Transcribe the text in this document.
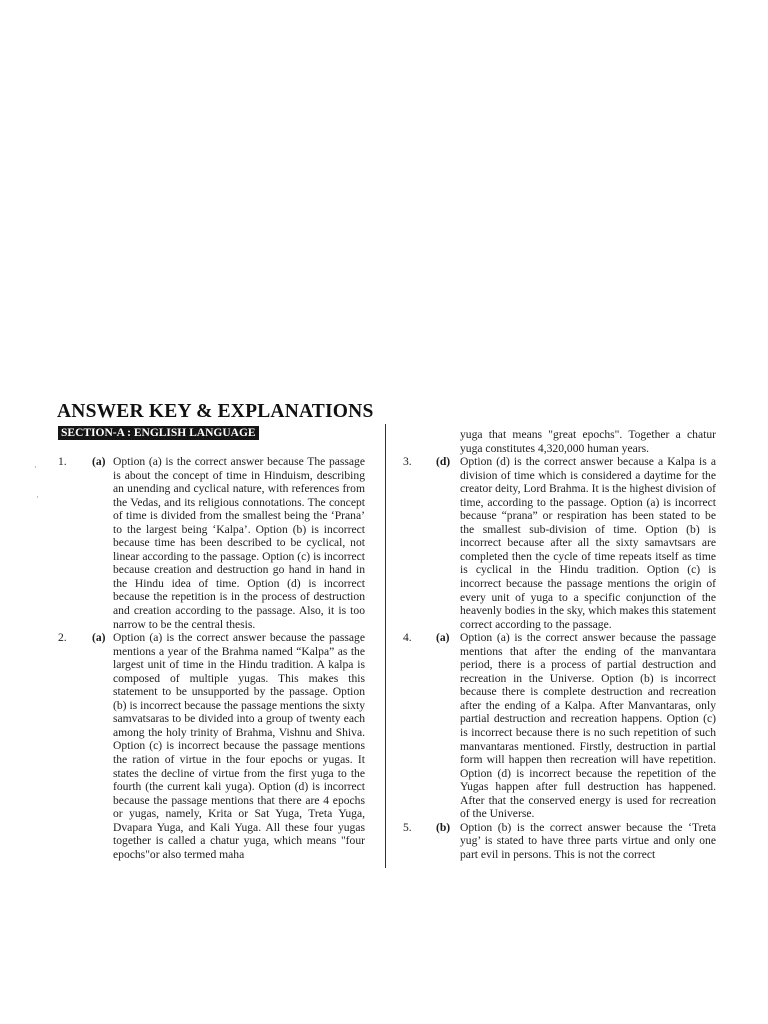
ANSWER KEY & EXPLANATIONS
SECTION-A : ENGLISH LANGUAGE
1.	(a) Option (a) is the correct answer because The passage is about the concept of time in Hinduism, describing an unending and cyclical nature, with references from the Vedas, and its religious connotations. The concept of time is divided from the smallest being the ‘Prana’ to the largest being ‘Kalpa’. Option (b) is incorrect because time has been described to be cyclical, not linear according to the passage. Option (c) is incorrect because creation and destruction go hand in hand in the Hindu idea of time. Option (d) is incorrect because the repetition is in the process of destruction and creation according to the passage. Also, it is too narrow to be the central thesis.
2.	(a) Option (a) is the correct answer because the passage mentions a year of the Brahma named “Kalpa” as the largest unit of time in the Hindu tradition. A kalpa is composed of multiple yugas. This makes this statement to be unsupported by the passage. Option (b) is incorrect because the passage mentions the sixty samvatsaras to be divided into a group of twenty each among the holy trinity of Brahma, Vishnu and Shiva. Option (c) is incorrect because the passage mentions the ration of virtue in the four epochs or yugas. It states the decline of virtue from the first yuga to the fourth (the current kali yuga). Option (d) is incorrect because the passage mentions that there are 4 epochs or yugas, namely, Krita or Sat Yuga, Treta Yuga, Dvapara Yuga, and Kali Yuga. All these four yugas together is called a chatur yuga, which means "four epochs"or also termed maha
yuga that means "great epochs". Together a chatur yuga constitutes 4,320,000 human years.
3.	(d) Option (d) is the correct answer because a Kalpa is a division of time which is considered a daytime for the creator deity, Lord Brahma. It is the highest division of time, according to the passage. Option (a) is incorrect because “prana” or respiration has been stated to be the smallest sub-division of time. Option (b) is incorrect because after all the sixty samavtsars are completed then the cycle of time repeats itself as time is cyclical in the Hindu tradition. Option (c) is incorrect because the passage mentions the origin of every unit of yuga to a specific conjunction of the heavenly bodies in the sky, which makes this statement correct according to the passage.
4.	(a) Option (a) is the correct answer because the passage mentions that after the ending of the manvantara period, there is a process of partial destruction and recreation in the Universe. Option (b) is incorrect because there is complete destruction and recreation after the ending of a Kalpa. After Manvantaras, only partial destruction and recreation happens. Option (c) is incorrect because there is no such repetition of such manvantaras mentioned. Firstly, destruction in partial form will happen then recreation will have repetition. Option (d) is incorrect because the repetition of the Yugas happen after full destruction has happened. After that the conserved energy is used for recreation of the Universe.
5.	(b) Option (b) is the correct answer because the ‘Treta yug’ is stated to have three parts virtue and only one part evil in persons. This is not the correct
·
·
